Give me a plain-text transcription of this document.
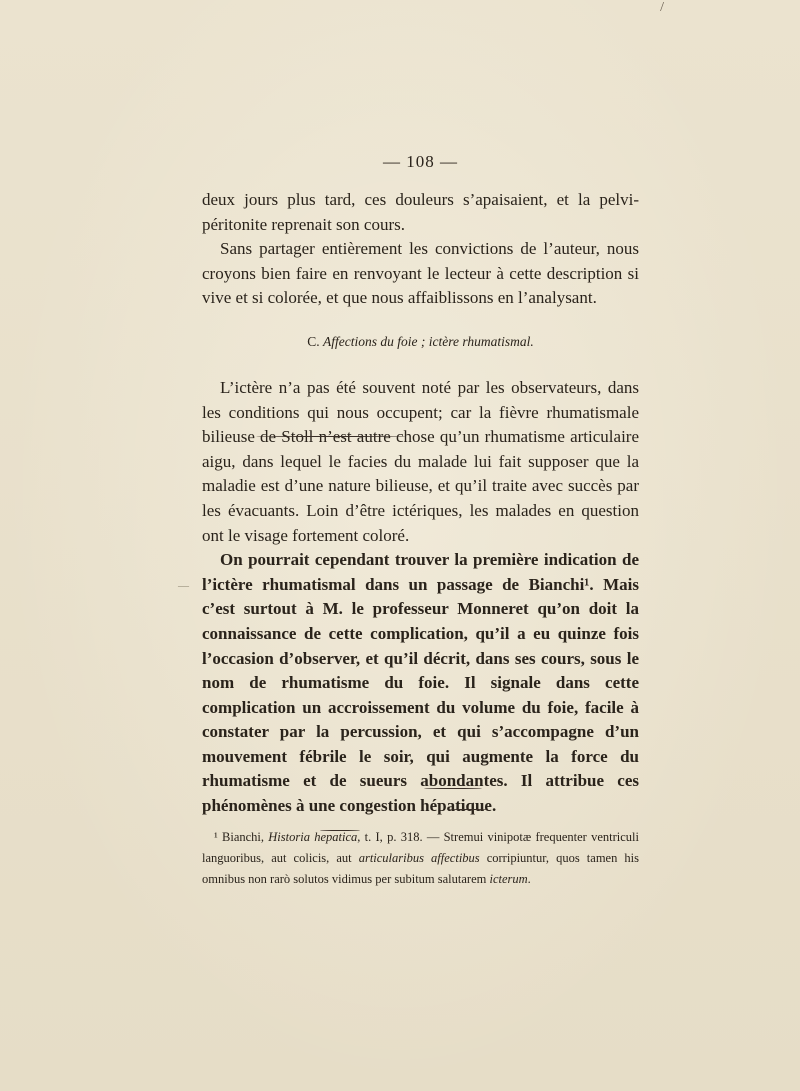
/
— 108 —

deux jours plus tard, ces douleurs s’apaisaient, et la pelvi-péritonite reprenait son cours.

Sans partager entièrement les convictions de l’auteur, nous croyons bien faire en renvoyant le lecteur à cette description si vive et si colorée, et que nous affaiblissons en l’analysant.

C. Affections du foie ; ictère rhumatismal.

L’ictère n’a pas été souvent noté par les observateurs, dans les conditions qui nous occupent; car la fièvre rhumatismale bilieuse de Stoll n’est autre chose qu’un rhumatisme articulaire aigu, dans lequel le facies du malade lui fait supposer que la maladie est d’une nature bilieuse, et qu’il traite avec succès par les évacuants. Loin d’être ictériques, les malades en question ont le visage fortement coloré.

On pourrait cependant trouver la première indication de l’ictère rhumatismal dans un passage de Bianchi¹. Mais c’est surtout à M. le professeur Monneret qu’on doit la connaissance de cette complication, qu’il a eu quinze fois l’occasion d’observer, et qu’il décrit, dans ses cours, sous le nom de rhumatisme du foie. Il signale dans cette complication un accroissement du volume du foie, facile à constater par la percussion, et qui s’accompagne d’un mouvement fébrile le soir, qui augmente la force du rhumatisme et de sueurs abondantes. Il attribue ces phénomènes à une congestion hépatique.

¹ Bianchi, Historia hepatica, t. I, p. 318. — Stremui vinipotæ frequenter ventriculi languoribus, aut colicis, aut articularibus affectibus corripiuntur, quos tamen his omnibus non rarò solutos vidimus per subitum salutarem icterum.

—
